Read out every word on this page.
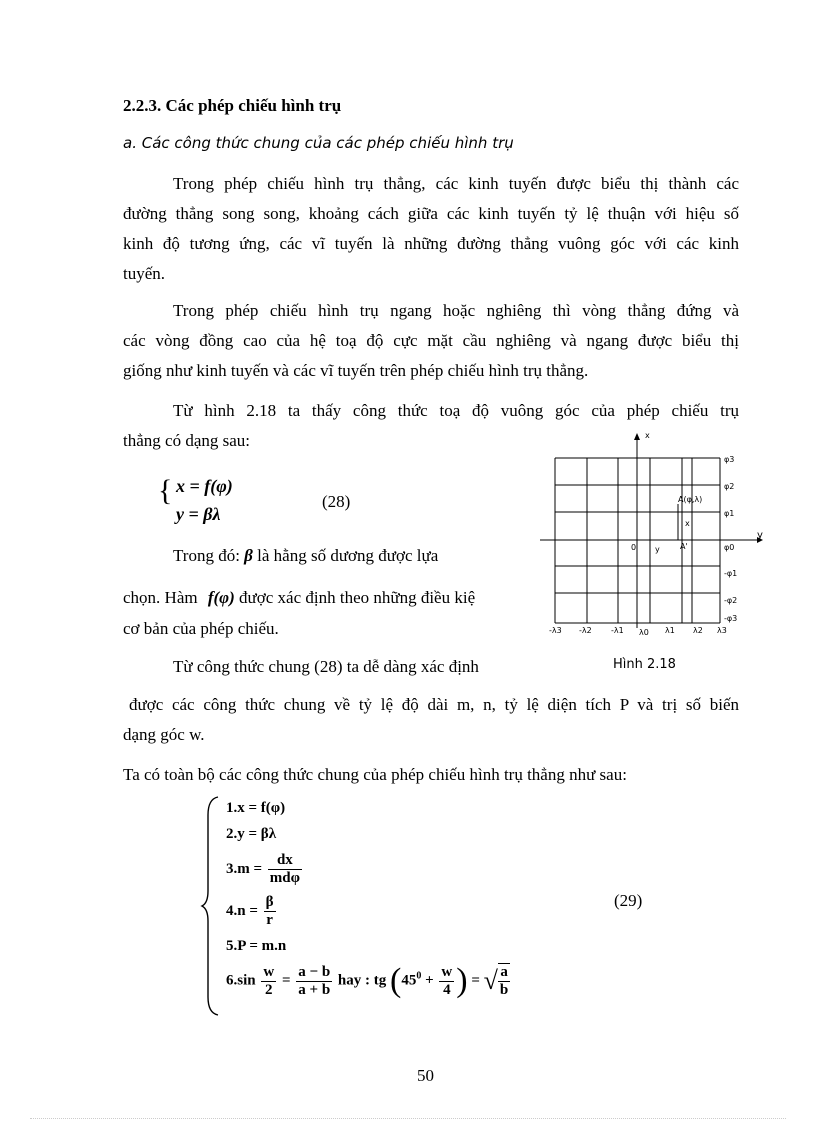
2.2.3. Các phép chiếu hình trụ
a. Các công thức chung của các phép chiếu hình trụ
Trong phép chiếu hình trụ thẳng, các kinh tuyến được biểu thị thành các
đường thẳng song song, khoảng cách giữa các kinh tuyến tỷ lệ thuận với hiệu số
kinh độ tương ứng, các vĩ tuyến là những đường thẳng vuông góc với các kinh
tuyến.
Trong phép chiếu hình trụ ngang hoặc nghiêng thì vòng thẳng đứng và
các vòng đồng cao của hệ toạ độ cực mặt cầu nghiêng và ngang được biểu thị
giống như kinh tuyến và các vĩ tuyến trên phép chiếu hình trụ thẳng.
Từ hình 2.18 ta thấy công thức toạ độ vuông góc của phép chiếu trụ
thẳng có dạng sau:
{ x = f(φ)
y = βλ
(28)
Trong đó: β là hằng số dương được lựa
chọn. Hàm f(φ) được xác định theo những điều kiệ
cơ bản của phép chiếu.
Từ công thức chung (28) ta dễ dàng xác định
x
y
0
A(φ,λ)
x
y	A'
φ3
φ2
φ1
φ0
-φ1
-φ2
-φ3
-λ3 -λ2 -λ1 λ0 λ1 λ2 λ3
Hình 2.18
được các công thức chung về tỷ lệ độ dài m, n, tỷ lệ diện tích P và trị số biến
dạng góc w.
Ta có toàn bộ các công thức chung của phép chiếu hình trụ thẳng như sau:
1.x = f(φ)
2.y = βλ
$3.m = \frac{dx}{\text{mdφ}}$
$4.n = \frac{\beta}{r}$
5.P = m.n
$6.\sin \frac{w}{2} = \frac{a - b}{a + b}$ hay : tg ($45^0 + \frac{w}{4}$ ) = √ $\frac{a}{b}$
(29)
50
